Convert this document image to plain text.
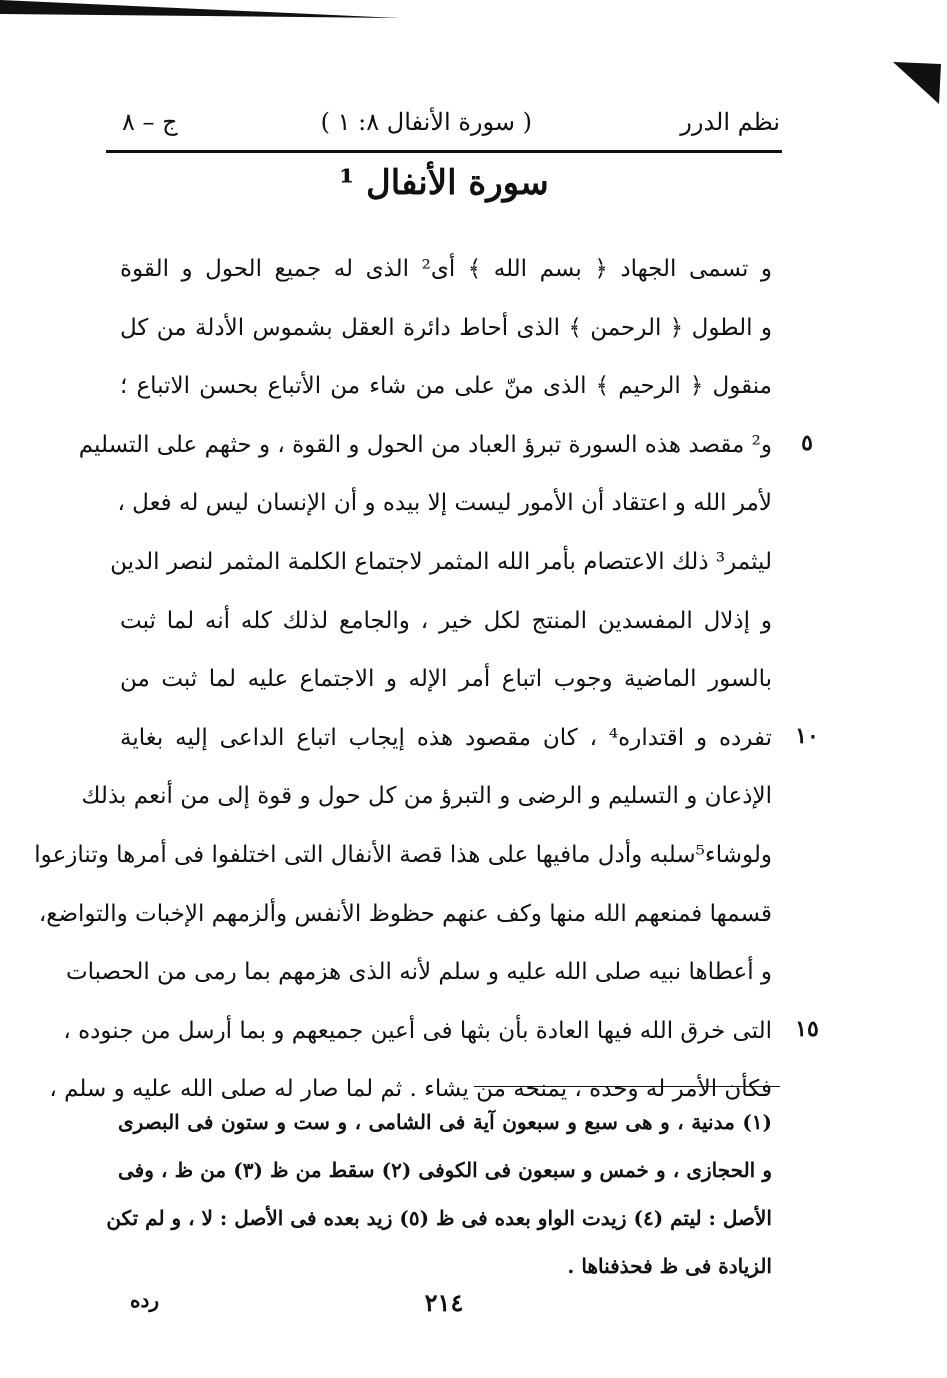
نظم الدرر
( سورة الأنفال ٨: ١ )
ج – ٨
سورة الأنفال ¹
و تسمى الجهاد ﴿ بسم الله ﴾ أى² الذى له جميع الحول و القوة
و الطول ﴿ الرحمن ﴾ الذى أحاط دائرة العقل بشموس الأدلة من كل
منقول ﴿ الرحيم ﴾ الذى منّ على من شاء من الأتباع بحسن الاتباع ؛
و² مقصد هذه السورة تبرؤ العباد من الحول و القوة ، و حثهم على التسليم
لأمر الله و اعتقاد أن الأمور ليست إلا بيده و أن الإنسان ليس له فعل ،
ليثمر³ ذلك الاعتصام بأمر الله المثمر لاجتماع الكلمة المثمر لنصر الدين
و إذلال المفسدين المنتج لكل خير ، والجامع لذلك كله أنه لما ثبت
بالسور الماضية وجوب اتباع أمر الإله و الاجتماع عليه لما ثبت من
تفرده و اقتداره⁴ ، كان مقصود هذه إيجاب اتباع الداعى إليه بغاية
الإذعان و التسليم و الرضى و التبرؤ من كل حول و قوة إلى من أنعم بذلك
ولوشاء⁵سلبه وأدل مافيها على هذا قصة الأنفال التى اختلفوا فى أمرها وتنازعوا
قسمها فمنعهم الله منها وكف عنهم حظوظ الأنفس وألزمهم الإخبات والتواضع،
و أعطاها نبيه صلى الله عليه و سلم لأنه الذى هزمهم بما رمى من الحصبات
التى خرق الله فيها العادة بأن بثها فى أعين جميعهم و بما أرسل من جنوده ،
فكأن الأمر له وحده ، يمنحه من يشاء . ثم لما صار له صلى الله عليه و سلم ،
٥
١٠
١٥
(١) مدنية ، و هى سبع و سبعون آية فى الشامى ، و ست و ستون فى البصرى
و الحجازى ، و خمس و سبعون فى الكوفى (٢) سقط من ظ (٣) من ظ ، وفى
الأصل : ليتم (٤) زيدت الواو بعده فى ظ (٥) زيد بعده فى الأصل : لا ، و لم تكن
الزيادة فى ظ فحذفناها .
٢١٤
رده
